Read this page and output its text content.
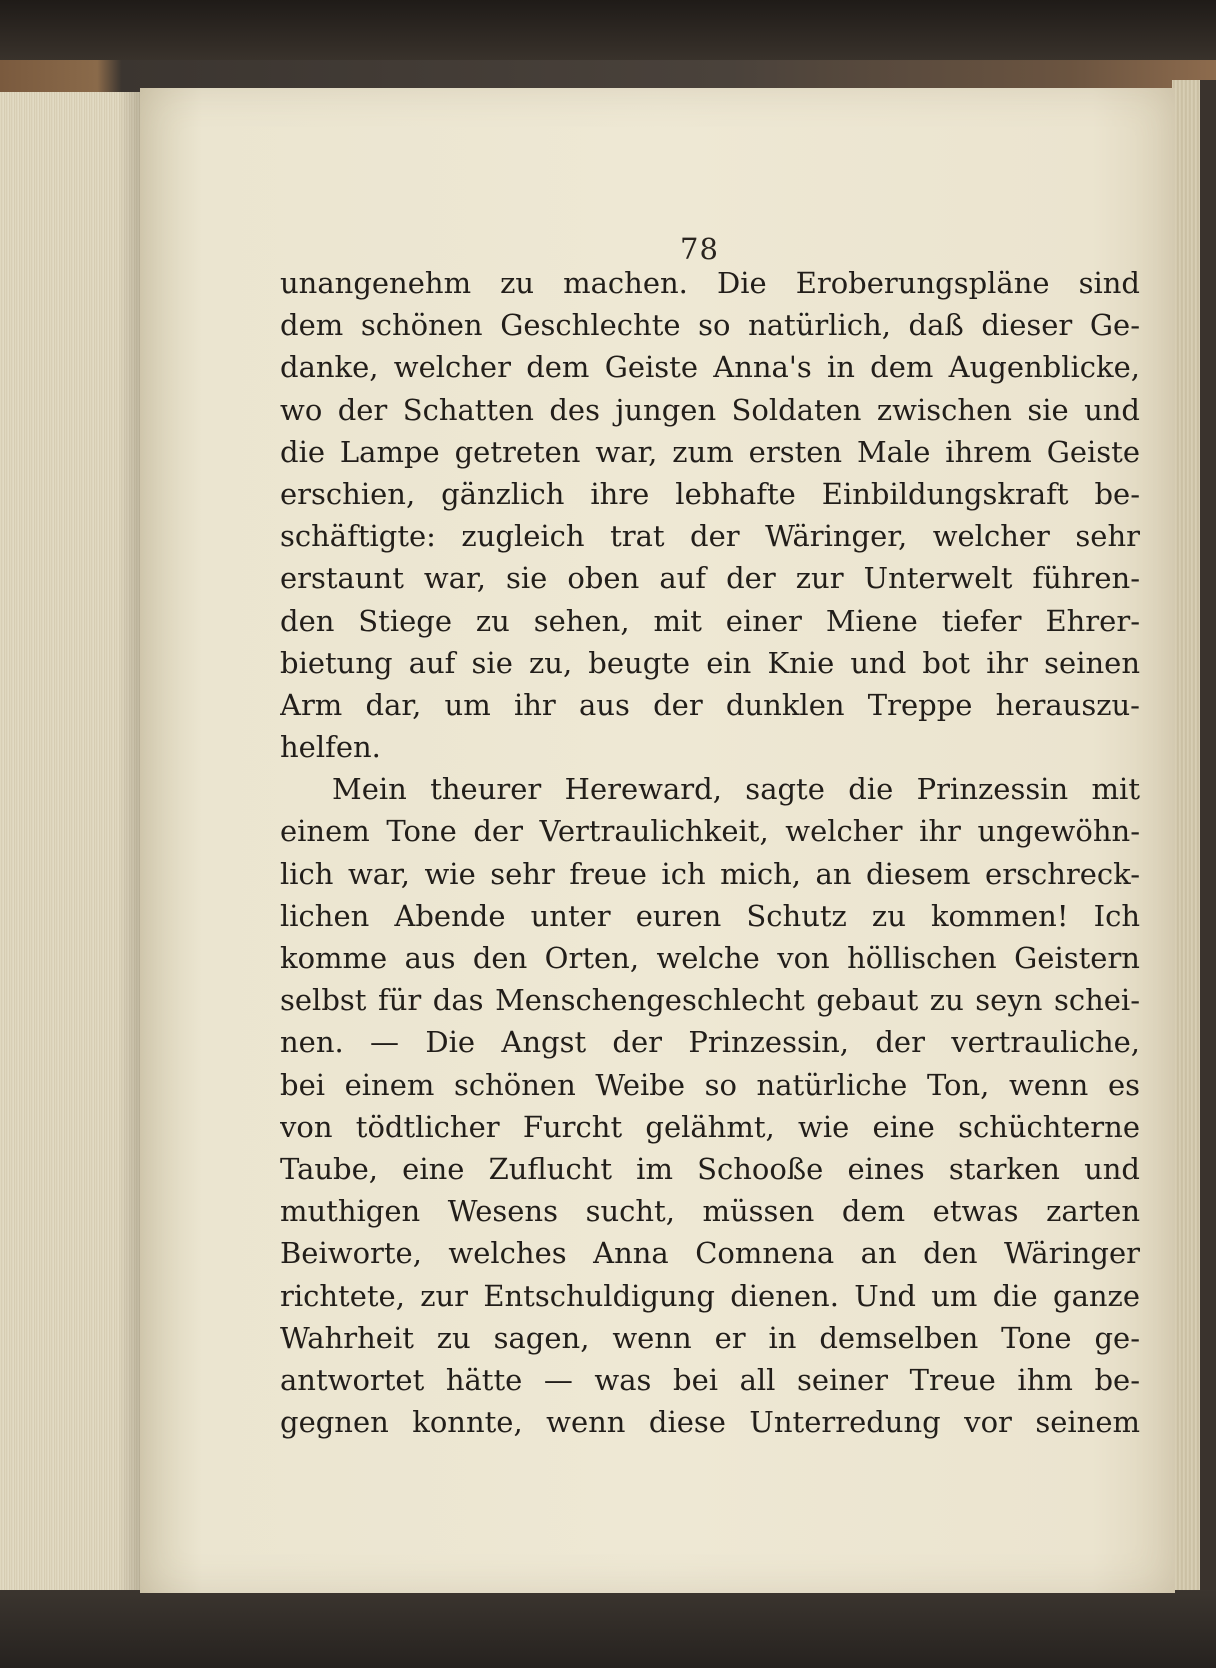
78
unangenehm zu machen. Die Eroberungspläne sind
dem schönen Geschlechte so natürlich, daß dieser Ge-
danke, welcher dem Geiste Anna's in dem Augenblicke,
wo der Schatten des jungen Soldaten zwischen sie und
die Lampe getreten war, zum ersten Male ihrem Geiste
erschien, gänzlich ihre lebhafte Einbildungskraft be-
schäftigte: zugleich trat der Wäringer, welcher sehr
erstaunt war, sie oben auf der zur Unterwelt führen-
den Stiege zu sehen, mit einer Miene tiefer Ehrer-
bietung auf sie zu, beugte ein Knie und bot ihr seinen
Arm dar, um ihr aus der dunklen Treppe herauszu-
helfen.
Mein theurer Hereward, sagte die Prinzessin mit
einem Tone der Vertraulichkeit, welcher ihr ungewöhn-
lich war, wie sehr freue ich mich, an diesem erschreck-
lichen Abende unter euren Schutz zu kommen! Ich
komme aus den Orten, welche von höllischen Geistern
selbst für das Menschengeschlecht gebaut zu seyn schei-
nen. — Die Angst der Prinzessin, der vertrauliche,
bei einem schönen Weibe so natürliche Ton, wenn es
von tödtlicher Furcht gelähmt, wie eine schüchterne
Taube, eine Zuflucht im Schooße eines starken und
muthigen Wesens sucht, müssen dem etwas zarten
Beiworte, welches Anna Comnena an den Wäringer
richtete, zur Entschuldigung dienen. Und um die ganze
Wahrheit zu sagen, wenn er in demselben Tone ge-
antwortet hätte — was bei all seiner Treue ihm be-
gegnen konnte, wenn diese Unterredung vor seinem
